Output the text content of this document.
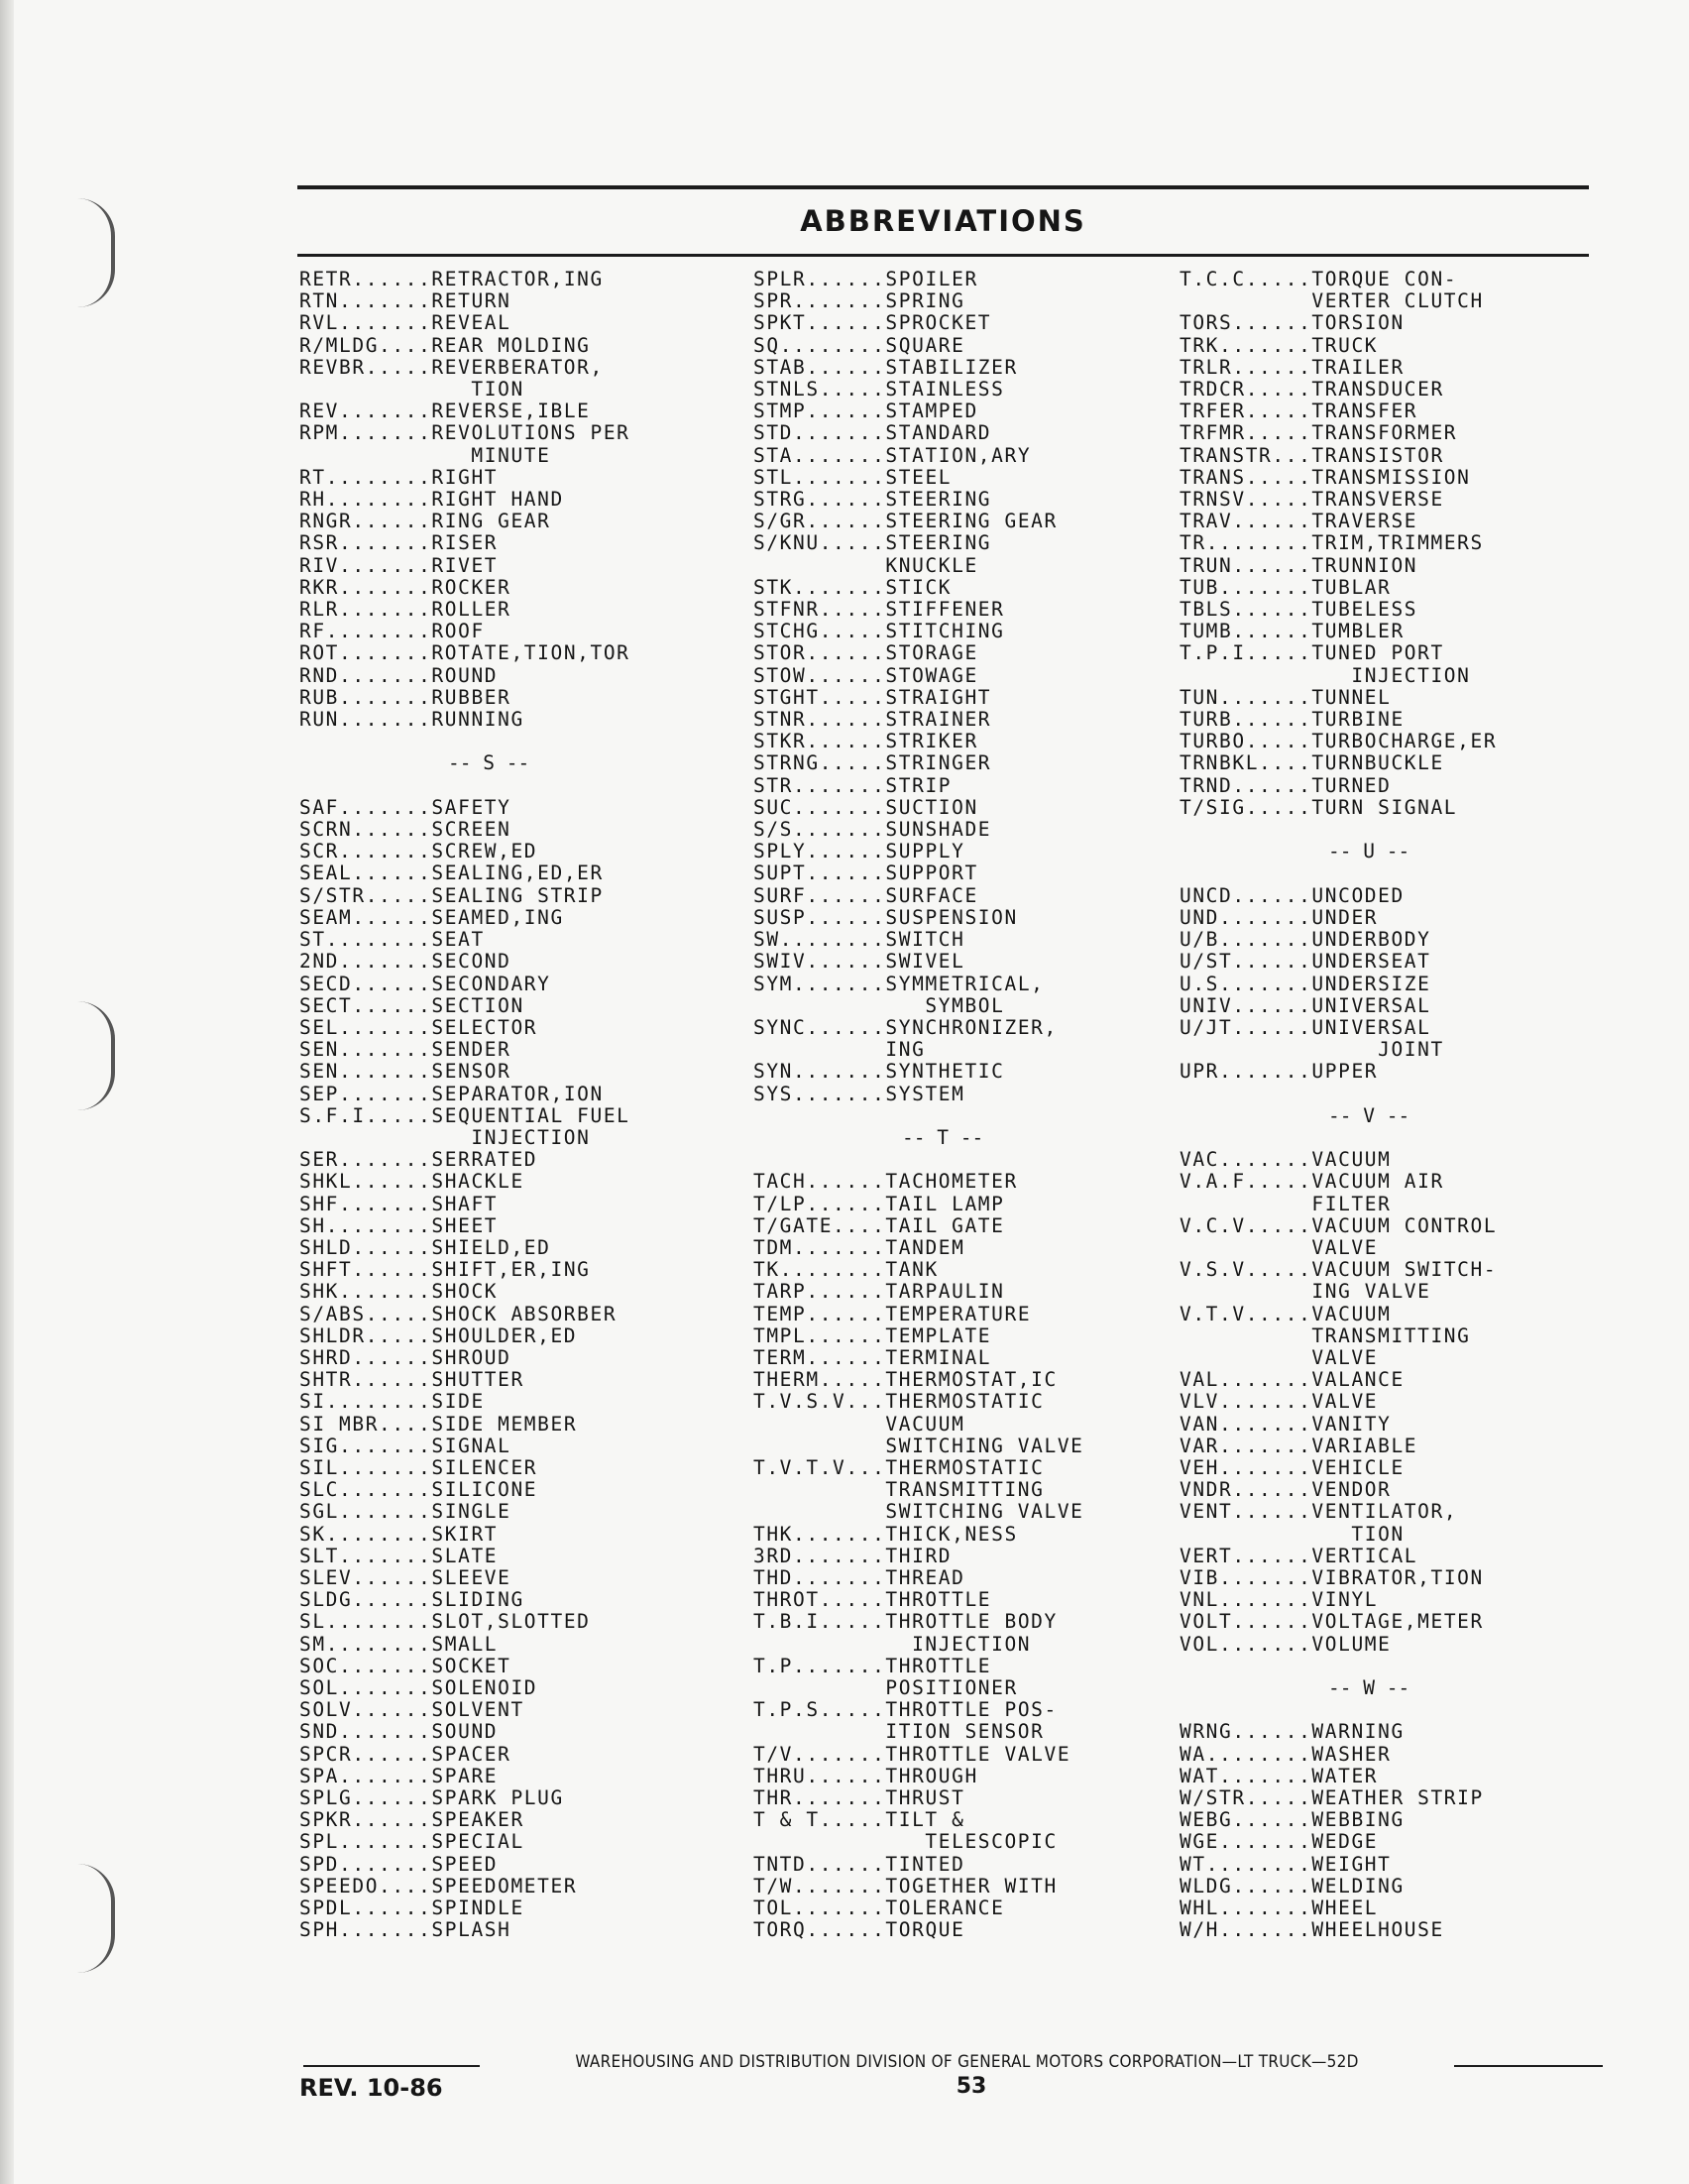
ABBREVIATIONS
RETR......RETRACTOR,ING
RTN.......RETURN
RVL.......REVEAL
R/MLDG....REAR MOLDING
REVBR.....REVERBERATOR,
TION
REV.......REVERSE,IBLE
RPM.......REVOLUTIONS PER
MINUTE
RT........RIGHT
RH........RIGHT HAND
RNGR......RING GEAR
RSR.......RISER
RIV.......RIVET
RKR.......ROCKER
RLR.......ROLLER
RF........ROOF
ROT.......ROTATE,TION,TOR
RND.......ROUND
RUB.......RUBBER
RUN.......RUNNING

-- S --

SAF.......SAFETY
SCRN......SCREEN
SCR.......SCREW,ED
SEAL......SEALING,ED,ER
S/STR.....SEALING STRIP
SEAM......SEAMED,ING
ST........SEAT
2ND.......SECOND
SECD......SECONDARY
SECT......SECTION
SEL.......SELECTOR
SEN.......SENDER
SEN.......SENSOR
SEP.......SEPARATOR,ION
S.F.I.....SEQUENTIAL FUEL
INJECTION
SER.......SERRATED
SHKL......SHACKLE
SHF.......SHAFT
SH........SHEET
SHLD......SHIELD,ED
SHFT......SHIFT,ER,ING
SHK.......SHOCK
S/ABS.....SHOCK ABSORBER
SHLDR.....SHOULDER,ED
SHRD......SHROUD
SHTR......SHUTTER
SI........SIDE
SI MBR....SIDE MEMBER
SIG.......SIGNAL
SIL.......SILENCER
SLC.......SILICONE
SGL.......SINGLE
SK........SKIRT
SLT.......SLATE
SLEV......SLEEVE
SLDG......SLIDING
SL........SLOT,SLOTTED
SM........SMALL
SOC.......SOCKET
SOL.......SOLENOID
SOLV......SOLVENT
SND.......SOUND
SPCR......SPACER
SPA.......SPARE
SPLG......SPARK PLUG
SPKR......SPEAKER
SPL.......SPECIAL
SPD.......SPEED
SPEEDO....SPEEDOMETER
SPDL......SPINDLE
SPH.......SPLASH
SPLR......SPOILER
SPR.......SPRING
SPKT......SPROCKET
SQ........SQUARE
STAB......STABILIZER
STNLS.....STAINLESS
STMP......STAMPED
STD.......STANDARD
STA.......STATION,ARY
STL.......STEEL
STRG......STEERING
S/GR......STEERING GEAR
S/KNU.....STEERING
KNUCKLE
STK.......STICK
STFNR.....STIFFENER
STCHG.....STITCHING
STOR......STORAGE
STOW......STOWAGE
STGHT.....STRAIGHT
STNR......STRAINER
STKR......STRIKER
STRNG.....STRINGER
STR.......STRIP
SUC.......SUCTION
S/S.......SUNSHADE
SPLY......SUPPLY
SUPT......SUPPORT
SURF......SURFACE
SUSP......SUSPENSION
SW........SWITCH
SWIV......SWIVEL
SYM.......SYMMETRICAL,
SYMBOL
SYNC......SYNCHRONIZER,
ING
SYN.......SYNTHETIC
SYS.......SYSTEM

-- T --

TACH......TACHOMETER
T/LP......TAIL LAMP
T/GATE....TAIL GATE
TDM.......TANDEM
TK........TANK
TARP......TARPAULIN
TEMP......TEMPERATURE
TMPL......TEMPLATE
TERM......TERMINAL
THERM.....THERMOSTAT,IC
T.V.S.V...THERMOSTATIC
VACUUM
SWITCHING VALVE
T.V.T.V...THERMOSTATIC
TRANSMITTING
SWITCHING VALVE
THK.......THICK,NESS
3RD.......THIRD
THD.......THREAD
THROT.....THROTTLE
T.B.I.....THROTTLE BODY
INJECTION
T.P.......THROTTLE
POSITIONER
T.P.S.....THROTTLE POS-
ITION SENSOR
T/V.......THROTTLE VALVE
THRU......THROUGH
THR.......THRUST
T & T.....TILT &
TELESCOPIC
TNTD......TINTED
T/W.......TOGETHER WITH
TOL.......TOLERANCE
TORQ......TORQUE
T.C.C.....TORQUE CON-
VERTER CLUTCH
TORS......TORSION
TRK.......TRUCK
TRLR......TRAILER
TRDCR.....TRANSDUCER
TRFER.....TRANSFER
TRFMR.....TRANSFORMER
TRANSTR...TRANSISTOR
TRANS.....TRANSMISSION
TRNSV.....TRANSVERSE
TRAV......TRAVERSE
TR........TRIM,TRIMMERS
TRUN......TRUNNION
TUB.......TUBLAR
TBLS......TUBELESS
TUMB......TUMBLER
T.P.I.....TUNED PORT
INJECTION
TUN.......TUNNEL
TURB......TURBINE
TURBO.....TURBOCHARGE,ER
TRNBKL....TURNBUCKLE
TRND......TURNED
T/SIG.....TURN SIGNAL

-- U --

UNCD......UNCODED
UND.......UNDER
U/B.......UNDERBODY
U/ST......UNDERSEAT
U.S.......UNDERSIZE
UNIV......UNIVERSAL
U/JT......UNIVERSAL
JOINT
UPR.......UPPER

-- V --

VAC.......VACUUM
V.A.F.....VACUUM AIR
FILTER
V.C.V.....VACUUM CONTROL
VALVE
V.S.V.....VACUUM SWITCH-
ING VALVE
V.T.V.....VACUUM
TRANSMITTING
VALVE
VAL.......VALANCE
VLV.......VALVE
VAN.......VANITY
VAR.......VARIABLE
VEH.......VEHICLE
VNDR......VENDOR
VENT......VENTILATOR,
TION
VERT......VERTICAL
VIB.......VIBRATOR,TION
VNL.......VINYL
VOLT......VOLTAGE,METER
VOL.......VOLUME

-- W --

WRNG......WARNING
WA........WASHER
WAT.......WATER
W/STR.....WEATHER STRIP
WEBG......WEBBING
WGE.......WEDGE
WT........WEIGHT
WLDG......WELDING
WHL.......WHEEL
W/H.......WHEELHOUSE
WAREHOUSING AND DISTRIBUTION DIVISION OF GENERAL MOTORS CORPORATION—LT TRUCK—52D
REV. 10-86	53
